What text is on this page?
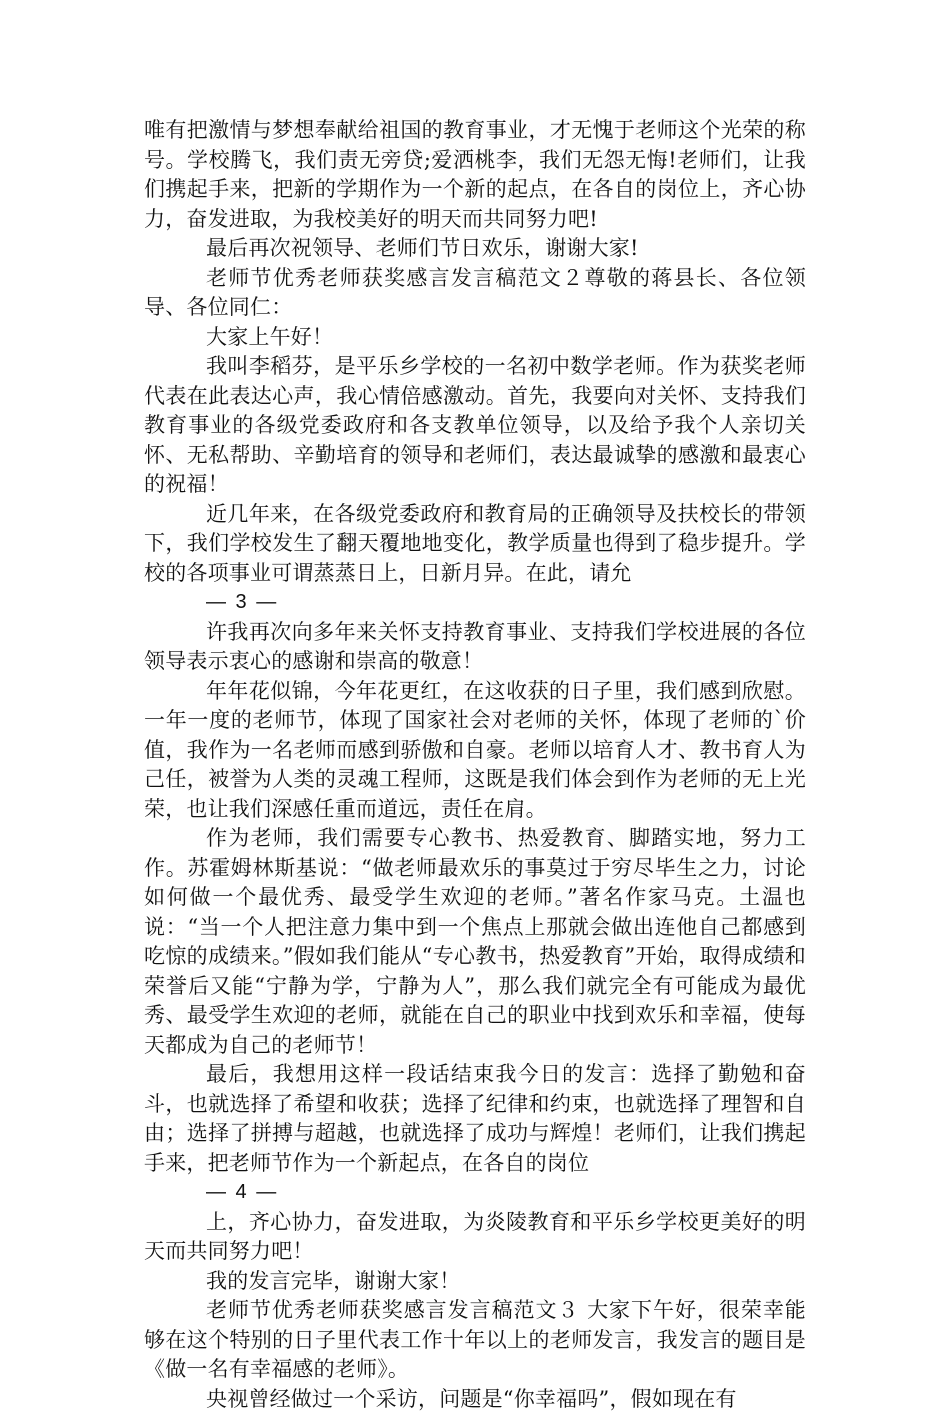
唯有把激情与梦想奉献给祖国的教育事业，才无愧于老师这个光荣的称号。学校腾飞，我们责无旁贷;爱洒桃李，我们无怨无悔!老师们，让我们携起手来，把新的学期作为一个新的起点，在各自的岗位上，齐心协力，奋发进取，为我校美好的明天而共同努力吧!

最后再次祝领导、老师们节日欢乐，谢谢大家!

老师节优秀老师获奖感言发言稿范文２尊敬的蒋县长、各位领导、各位同仁：

大家上午好！

我叫李稻芬，是平乐乡学校的一名初中数学老师。作为获奖老师代表在此表达心声，我心情倍感激动。首先，我要向对关怀、支持我们教育事业的各级党委政府和各支教单位领导，以及给予我个人亲切关怀、无私帮助、辛勤培育的领导和老师们，表达最诚挚的感激和最衷心的祝福！

近几年来，在各级党委政府和教育局的正确领导及扶校长的带领下，我们学校发生了翻天覆地地变化，教学质量也得到了稳步提升。学校的各项事业可谓蒸蒸日上，日新月异。在此，请允

— 3 —

许我再次向多年来关怀支持教育事业、支持我们学校进展的各位领导表示衷心的感谢和崇高的敬意！

年年花似锦，今年花更红，在这收获的日子里，我们感到欣慰。一年一度的老师节，体现了国家社会对老师的关怀，体现了老师的`价值，我作为一名老师而感到骄傲和自豪。老师以培育人才、教书育人为己任，被誉为人类的灵魂工程师，这既是我们体会到作为老师的无上光荣，也让我们深感任重而道远，责任在肩。

作为老师，我们需要专心教书、热爱教育、脚踏实地，努力工作。苏霍姆林斯基说：“做老师最欢乐的事莫过于穷尽毕生之力，讨论如何做一个最优秀、最受学生欢迎的老师。”著名作家马克。土温也说：“当一个人把注意力集中到一个焦点上那就会做出连他自己都感到吃惊的成绩来。”假如我们能从“专心教书，热爱教育”开始，取得成绩和荣誉后又能“宁静为学，宁静为人”，那么我们就完全有可能成为最优秀、最受学生欢迎的老师，就能在自己的职业中找到欢乐和幸福，使每天都成为自己的老师节！

最后，我想用这样一段话结束我今日的发言：选择了勤勉和奋斗，也就选择了希望和收获；选择了纪律和约束，也就选择了理智和自由；选择了拼搏与超越，也就选择了成功与辉煌！老师们，让我们携起手来，把老师节作为一个新起点，在各自的岗位

— 4 —

上，齐心协力，奋发进取，为炎陵教育和平乐乡学校更美好的明天而共同努力吧！

我的发言完毕，谢谢大家！

老师节优秀老师获奖感言发言稿范文３ 大家下午好，很荣幸能够在这个特别的日子里代表工作十年以上的老师发言，我发言的题目是《做一名有幸福感的老师》。

央视曾经做过一个采访，问题是“你幸福吗”，假如现在有
